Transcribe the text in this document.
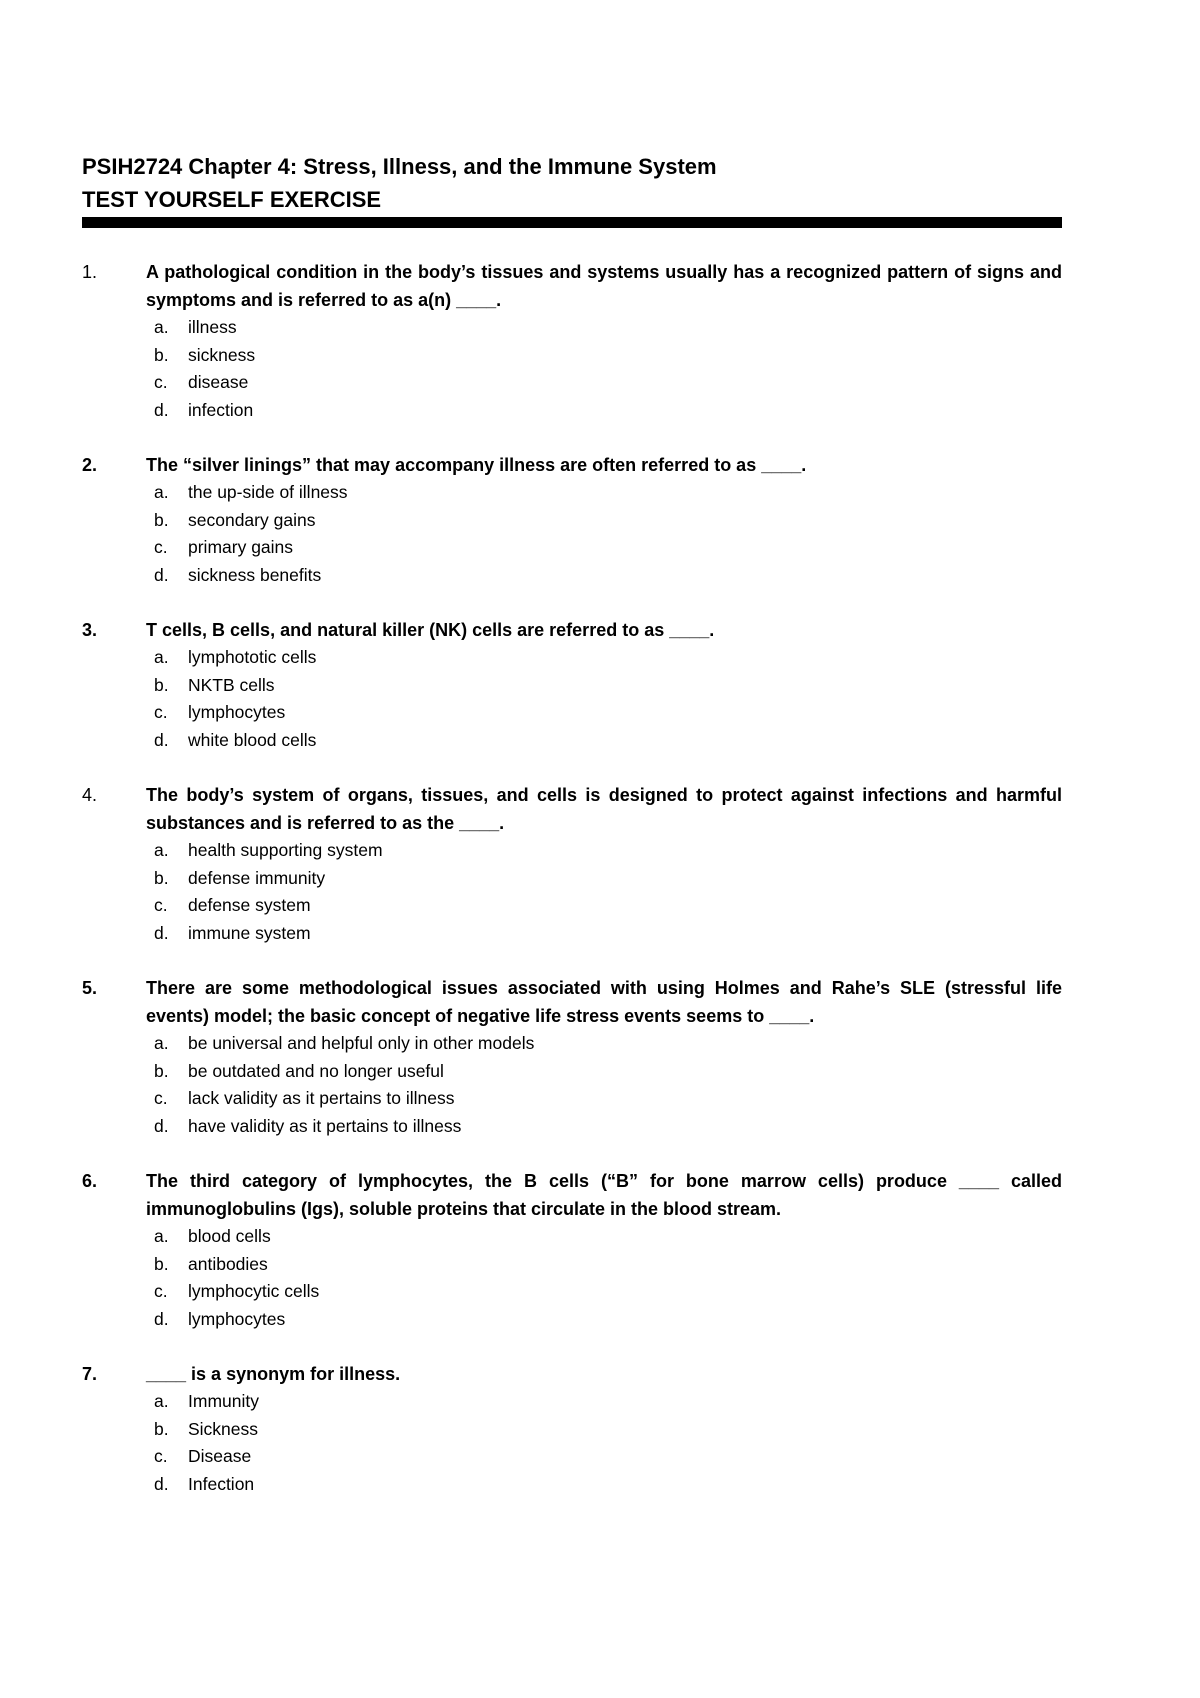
PSIH2724 Chapter 4: Stress, Illness, and the Immune System
TEST YOURSELF EXERCISE
1.	A pathological condition in the body’s tissues and systems usually has a recognized pattern of signs and symptoms and is referred to as a(n) ____.

a. illness
b. sickness
c. disease
d. infection
2.	The “silver linings” that may accompany illness are often referred to as ____.

a. the up-side of illness
b. secondary gains
c. primary gains
d. sickness benefits
3.	T cells, B cells, and natural killer (NK) cells are referred to as ____.

a. lymphototic cells
b. NKTB cells
c. lymphocytes
d. white blood cells
4.	The body’s system of organs, tissues, and cells is designed to protect against infections and harmful substances and is referred to as the ____.

a. health supporting system
b. defense immunity
c. defense system
d. immune system
5.	There are some methodological issues associated with using Holmes and Rahe’s SLE (stressful life events) model; the basic concept of negative life stress events seems to ____.

a. be universal and helpful only in other models
b. be outdated and no longer useful
c. lack validity as it pertains to illness
d. have validity as it pertains to illness
6.	The third category of lymphocytes, the B cells (“B” for bone marrow cells) produce ____ called immunoglobulins (Igs), soluble proteins that circulate in the blood stream.

a. blood cells
b. antibodies
c. lymphocytic cells
d. lymphocytes
7.	____ is a synonym for illness.

a. Immunity
b. Sickness
c. Disease
d. Infection
